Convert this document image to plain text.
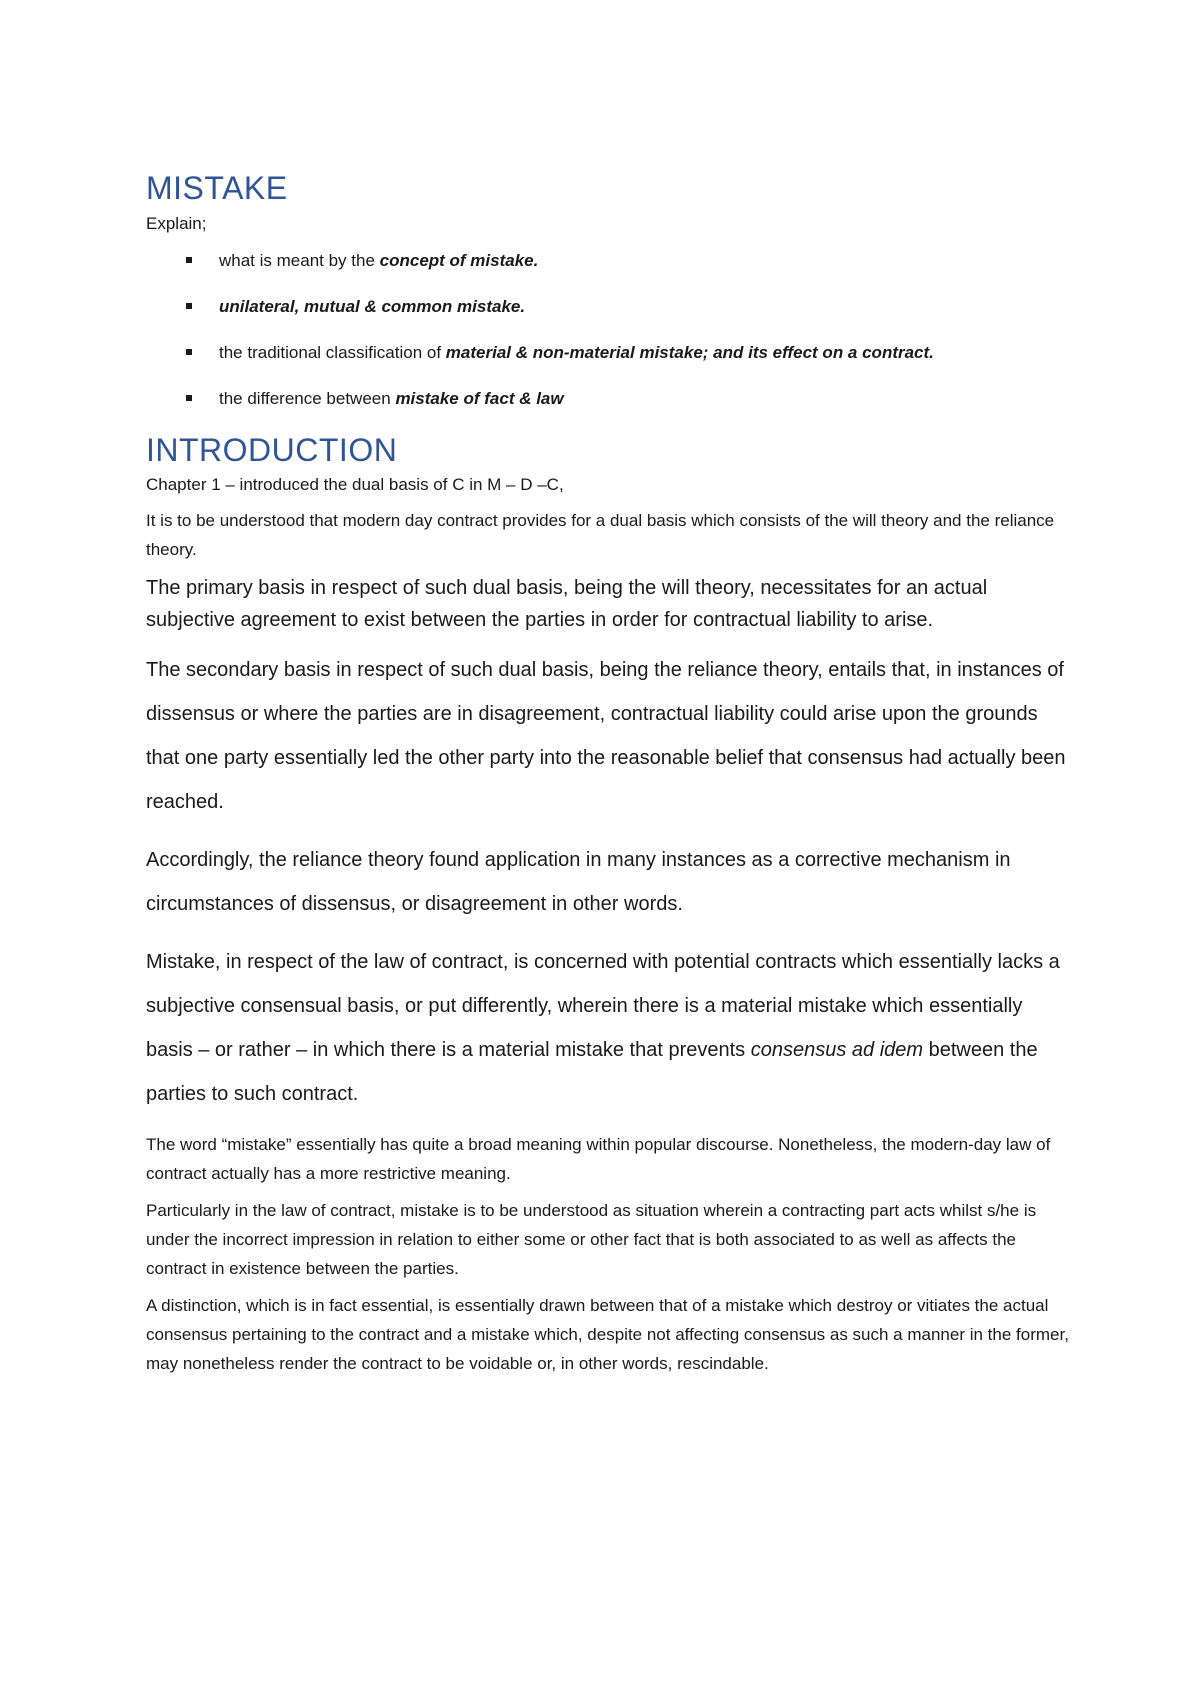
MISTAKE
Explain;
what is meant by the concept of mistake.
unilateral, mutual & common mistake.
the traditional classification of material & non-material mistake; and its effect on a contract.
the difference between mistake of fact & law
INTRODUCTION

Chapter 1 – introduced the dual basis of C in M – D –C,

It is to be understood that modern day contract provides for a dual basis which consists of the will theory and the reliance theory.

The primary basis in respect of such dual basis, being the will theory, necessitates for an actual subjective agreement to exist between the parties in order for contractual liability to arise.

The secondary basis in respect of such dual basis, being the reliance theory, entails that, in instances of dissensus or where the parties are in disagreement, contractual liability could arise upon the grounds that one party essentially led the other party into the reasonable belief that consensus had actually been reached.

Accordingly, the reliance theory found application in many instances as a corrective mechanism in circumstances of dissensus, or disagreement in other words.

Mistake, in respect of the law of contract, is concerned with potential contracts which essentially lacks a subjective consensual basis, or put differently, wherein there is a material mistake which essentially basis – or rather – in which there is a material mistake that prevents consensus ad idem between the parties to such contract.

The word “mistake” essentially has quite a broad meaning within popular discourse. Nonetheless, the modern-day law of contract actually has a more restrictive meaning.

Particularly in the law of contract, mistake is to be understood as situation wherein a contracting part acts whilst s/he is under the incorrect impression in relation to either some or other fact that is both associated to as well as affects the contract in existence between the parties.

A distinction, which is in fact essential, is essentially drawn between that of a mistake which destroy or vitiates the actual consensus pertaining to the contract and a mistake which, despite not affecting consensus as such a manner in the former, may nonetheless render the contract to be voidable or, in other words, rescindable.
